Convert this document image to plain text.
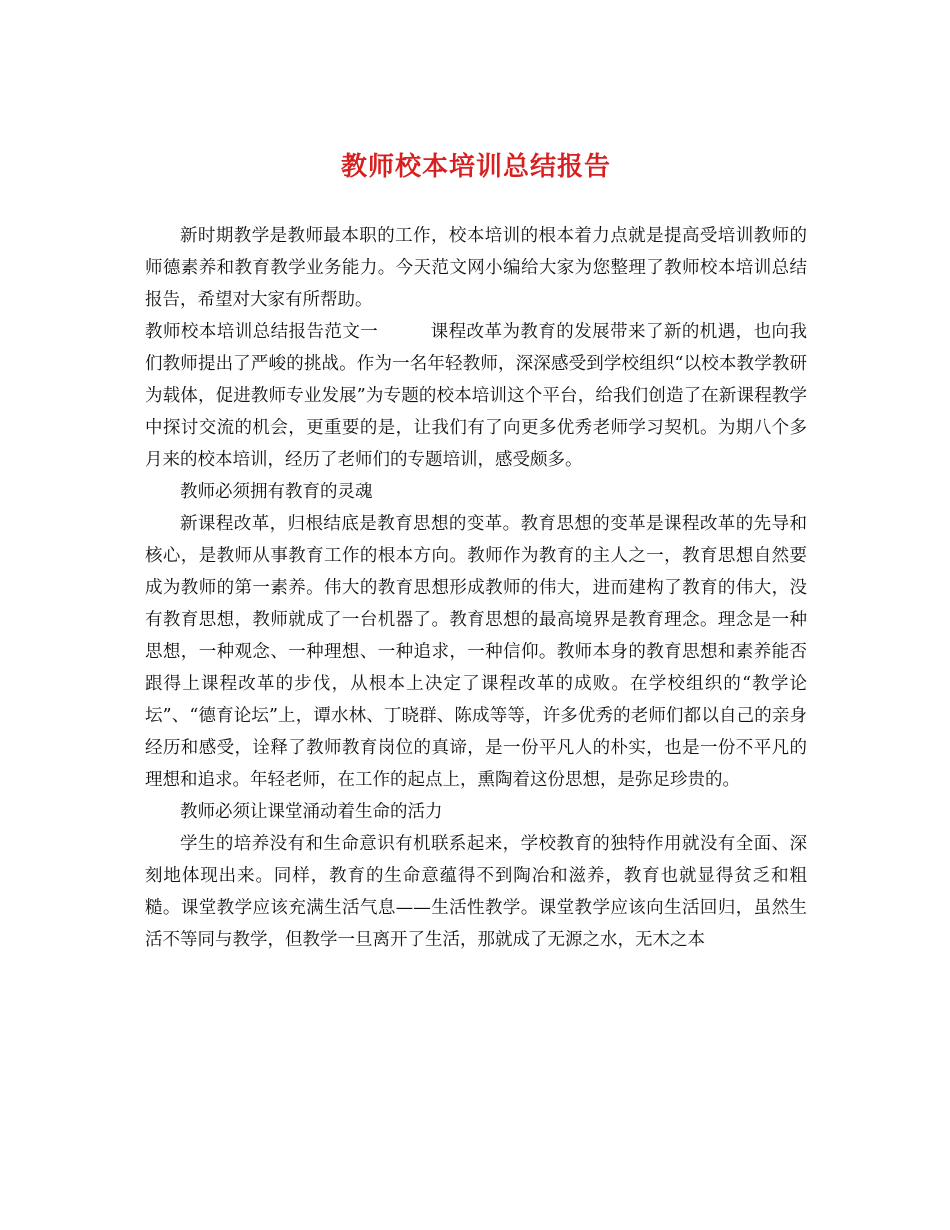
教师校本培训总结报告

新时期教学是教师最本职的工作，校本培训的根本着力点就是提高受培训教师的师德素养和教育教学业务能力。今天范文网小编给大家为您整理了教师校本培训总结报告，希望对大家有所帮助。

教师校本培训总结报告范文一	课程改革为教育的发展带来了新的机遇，也向我们教师提出了严峻的挑战。作为一名年轻教师，深深感受到学校组织“以校本教学教研为载体，促进教师专业发展”为专题的校本培训这个平台，给我们创造了在新课程教学中探讨交流的机会，更重要的是，让我们有了向更多优秀老师学习契机。为期八个多月来的校本培训，经历了老师们的专题培训，感受颇多。

教师必须拥有教育的灵魂

新课程改革，归根结底是教育思想的变革。教育思想的变革是课程改革的先导和核心，是教师从事教育工作的根本方向。教师作为教育的主人之一，教育思想自然要成为教师的第一素养。伟大的教育思想形成教师的伟大，进而建构了教育的伟大，没有教育思想，教师就成了一台机器了。教育思想的最高境界是教育理念。理念是一种思想，一种观念、一种理想、一种追求，一种信仰。教师本身的教育思想和素养能否跟得上课程改革的步伐，从根本上决定了课程改革的成败。在学校组织的“教学论坛”、“德育论坛”上，谭水林、丁晓群、陈成等等，许多优秀的老师们都以自己的亲身经历和感受，诠释了教师教育岗位的真谛，是一份平凡人的朴实，也是一份不平凡的理想和追求。年轻老师，在工作的起点上，熏陶着这份思想，是弥足珍贵的。

教师必须让课堂涌动着生命的活力

学生的培养没有和生命意识有机联系起来，学校教育的独特作用就没有全面、深刻地体现出来。同样，教育的生命意蕴得不到陶冶和滋养，教育也就显得贫乏和粗糙。课堂教学应该充满生活气息——生活性教学。课堂教学应该向生活回归，虽然生活不等同与教学，但教学一旦离开了生活，那就成了无源之水，无木之本
